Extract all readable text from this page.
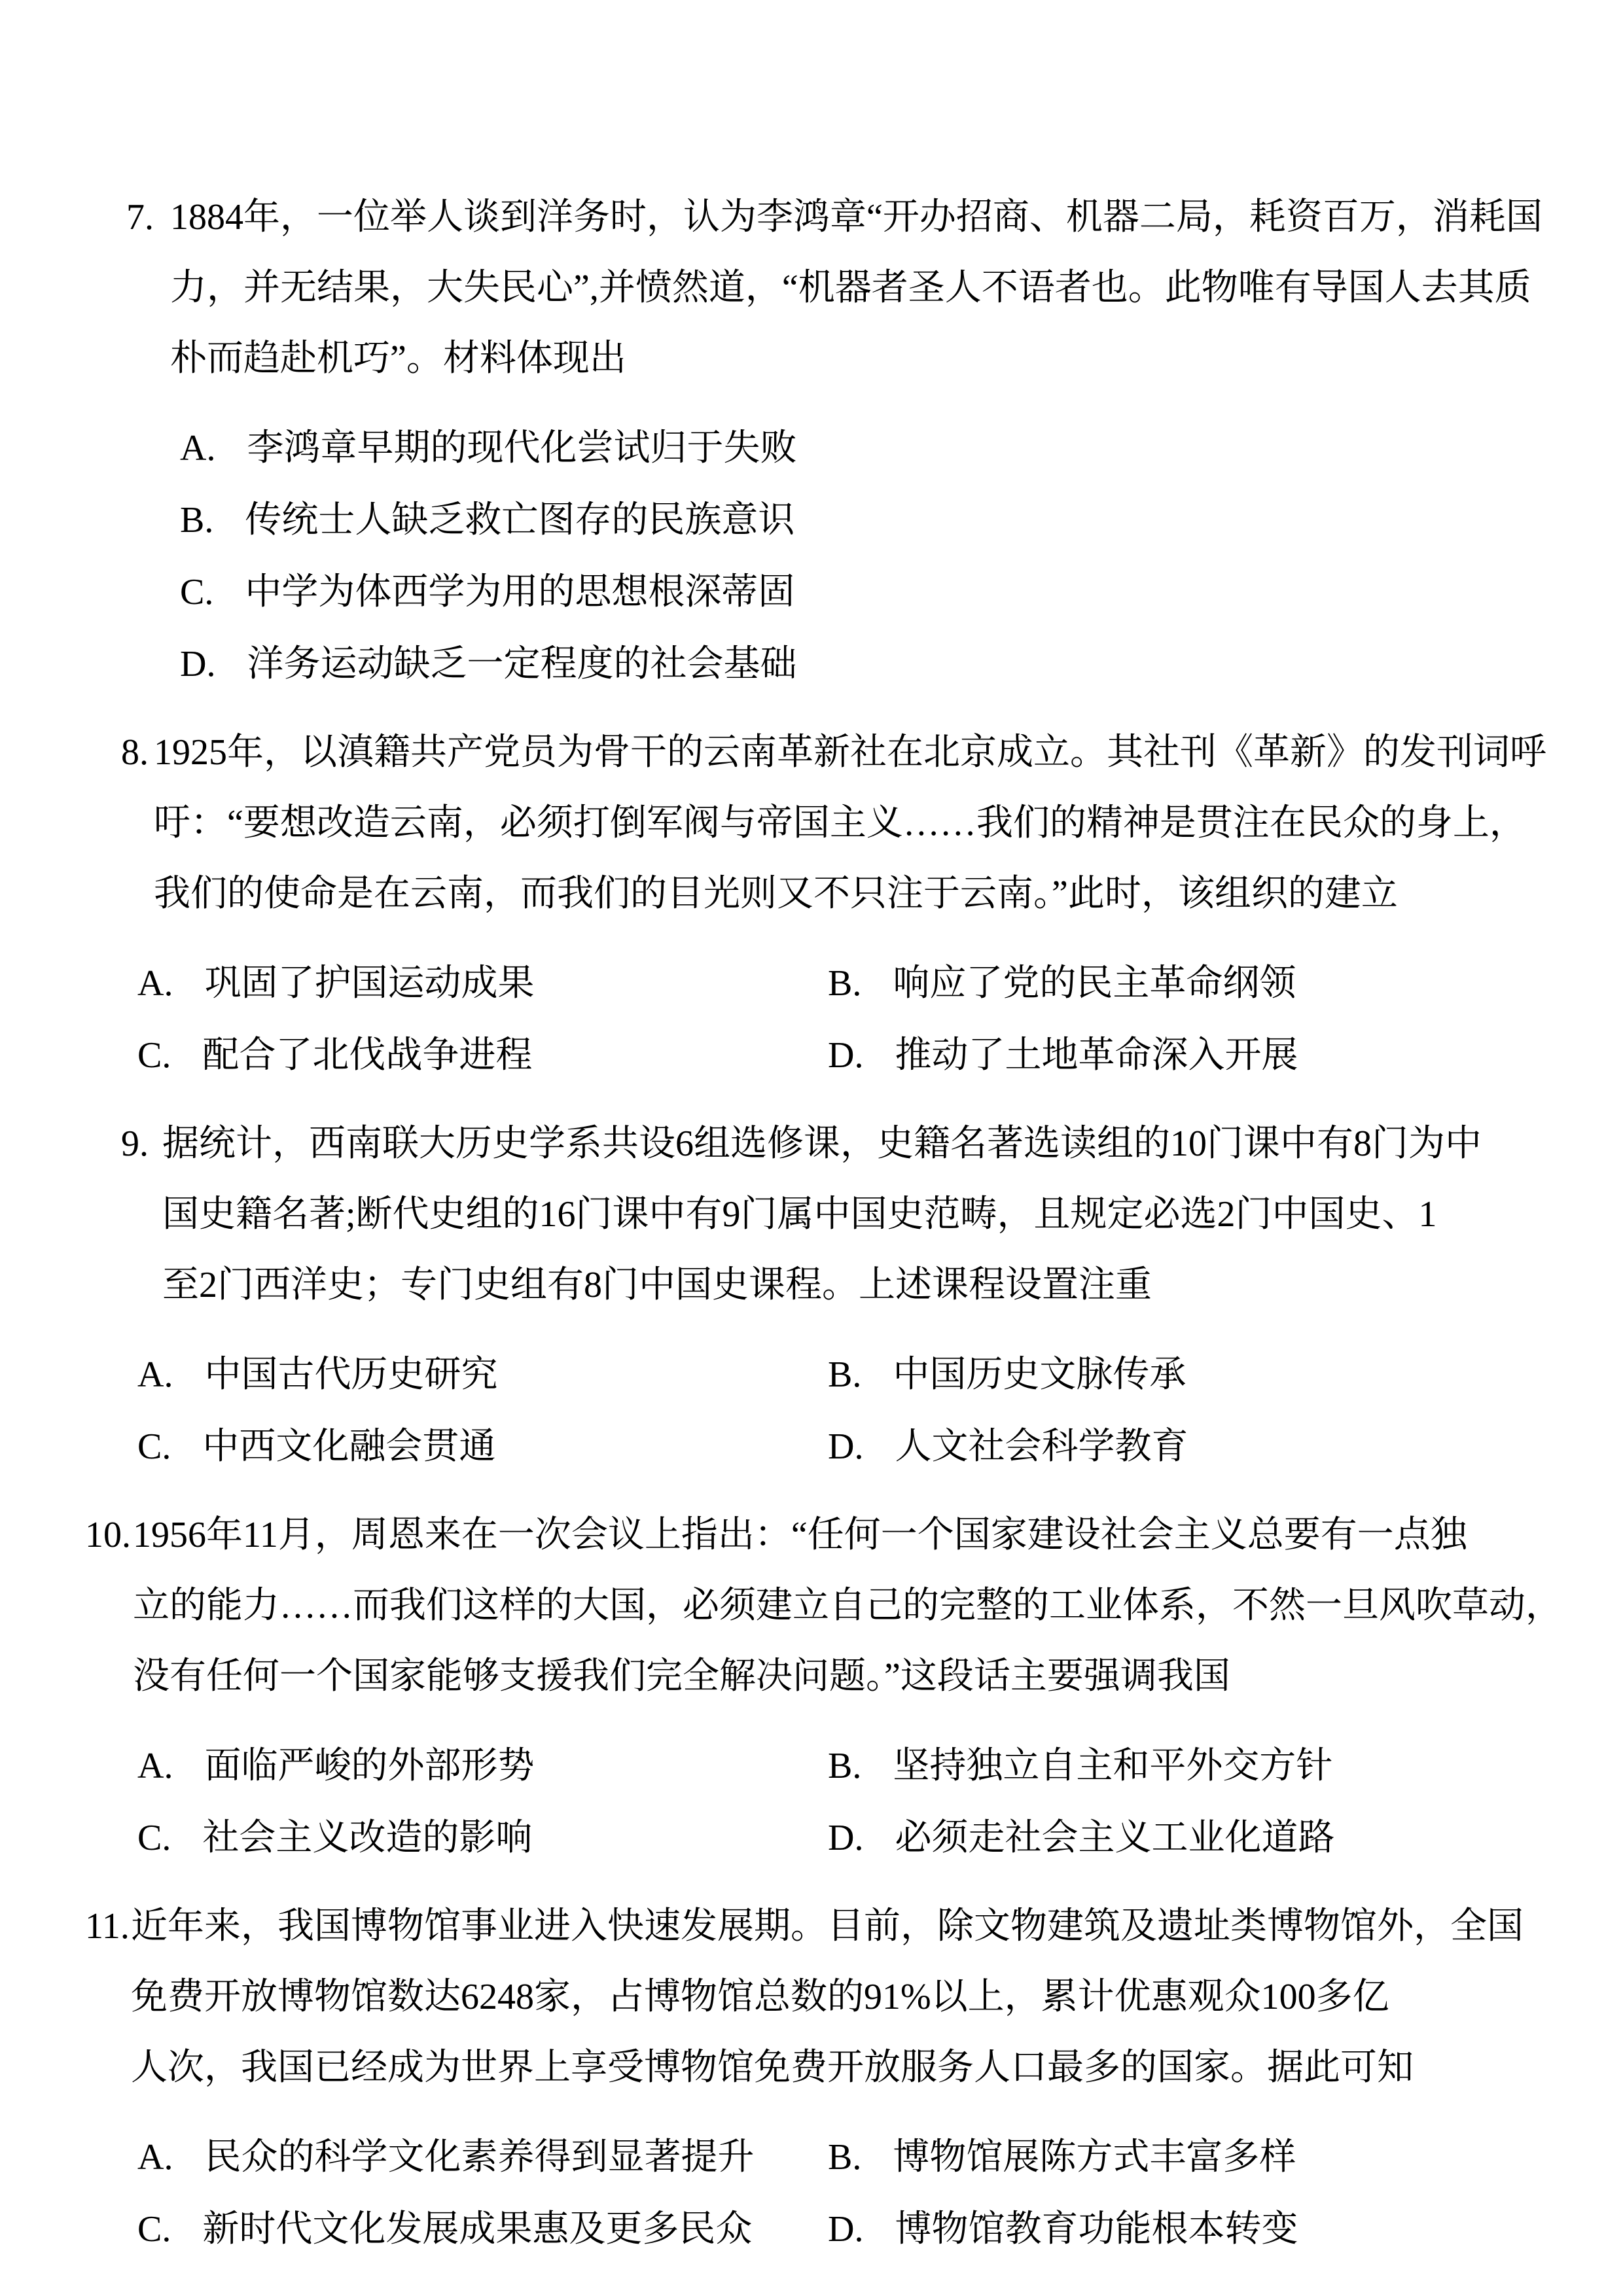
7. 1884年，一位举人谈到洋务时，认为李鸿章“开办招商、机器二局，耗资百万，消耗国
力，并无结果，大失民心”,并愤然道，“机器者圣人不语者也。此物唯有导国人去其质
朴而趋赴机巧”。材料体现出
A. 李鸿章早期的现代化尝试归于失败
B. 传统士人缺乏救亡图存的民族意识
C. 中学为体西学为用的思想根深蒂固
D. 洋务运动缺乏一定程度的社会基础
8. 1925年，以滇籍共产党员为骨干的云南革新社在北京成立。其社刊《革新》的发刊词呼
吁：“要想改造云南，必须打倒军阀与帝国主义……我们的精神是贯注在民众的身上，
我们的使命是在云南，而我们的目光则又不只注于云南。”此时，该组织的建立
A. 巩固了护国运动成果	B. 响应了党的民主革命纲领
C. 配合了北伐战争进程	D. 推动了土地革命深入开展
9. 据统计，西南联大历史学系共设6组选修课，史籍名著选读组的10门课中有8门为中
国史籍名著;断代史组的16门课中有9门属中国史范畴，且规定必选2门中国史、1
至2门西洋史；专门史组有8门中国史课程。上述课程设置注重
A. 中国古代历史研究	B. 中国历史文脉传承
C. 中西文化融会贯通	D. 人文社会科学教育
10. 1956年11月，周恩来在一次会议上指出：“任何一个国家建设社会主义总要有一点独
立的能力……而我们这样的大国，必须建立自己的完整的工业体系，不然一旦风吹草动，
没有任何一个国家能够支援我们完全解决问题。”这段话主要强调我国
A. 面临严峻的外部形势	B. 坚持独立自主和平外交方针
C. 社会主义改造的影响	D. 必须走社会主义工业化道路
11. 近年来，我国博物馆事业进入快速发展期。目前，除文物建筑及遗址类博物馆外，全国
免费开放博物馆数达6248家，占博物馆总数的91%以上，累计优惠观众100多亿
人次，我国已经成为世界上享受博物馆免费开放服务人口最多的国家。据此可知
A. 民众的科学文化素养得到显著提升	B. 博物馆展陈方式丰富多样
C. 新时代文化发展成果惠及更多民众	D. 博物馆教育功能根本转变
